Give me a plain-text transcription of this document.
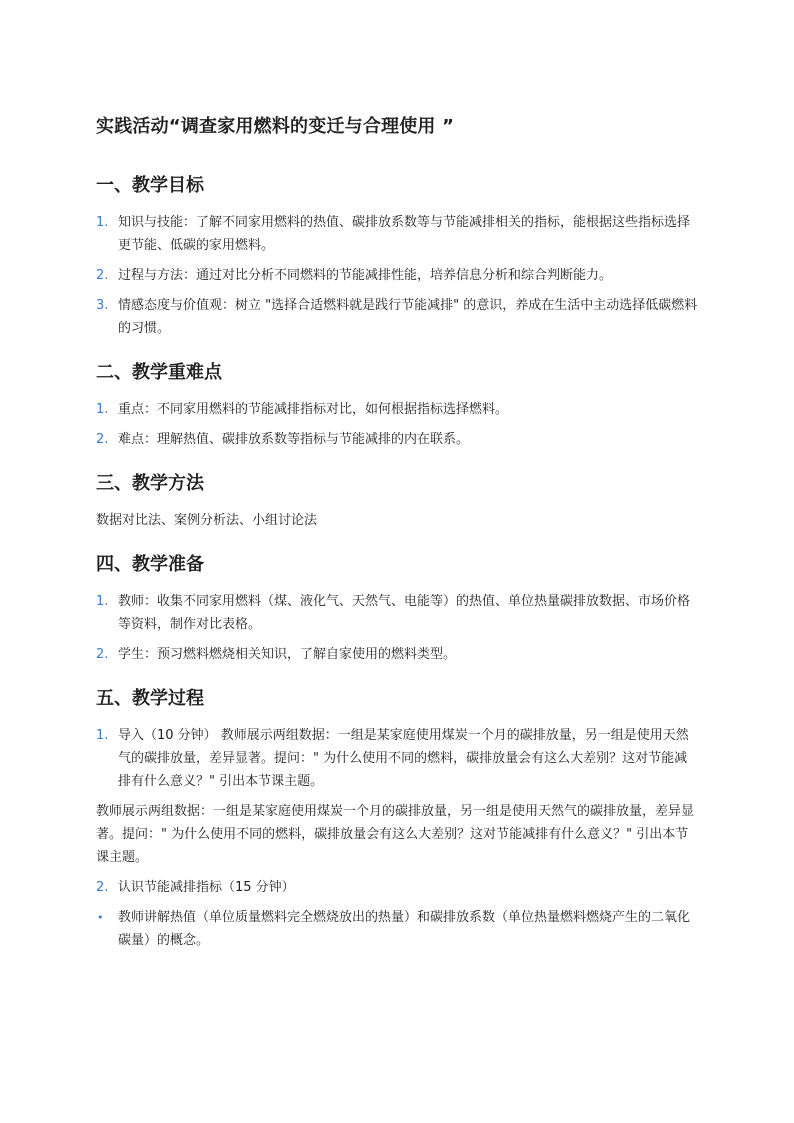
实践活动“调查家用燃料的变迁与合理使用 ”
一、教学目标
1. 知识与技能：了解不同家用燃料的热值、碳排放系数等与节能减排相关的指标，能根据这些指标选择更节能、低碳的家用燃料。
2. 过程与方法：通过对比分析不同燃料的节能减排性能，培养信息分析和综合判断能力。
3. 情感态度与价值观：树立 "选择合适燃料就是践行节能减排" 的意识，养成在生活中主动选择低碳燃料的习惯。
二、教学重难点
1. 重点：不同家用燃料的节能减排指标对比，如何根据指标选择燃料。
2. 难点：理解热值、碳排放系数等指标与节能减排的内在联系。
三、教学方法

数据对比法、案例分析法、小组讨论法

四、教学准备
1. 教师：收集不同家用燃料（煤、液化气、天然气、电能等）的热值、单位热量碳排放数据、市场价格等资料，制作对比表格。
2. 学生：预习燃料燃烧相关知识，了解自家使用的燃料类型。
五、教学过程
1. 导入（10 分钟） 教师展示两组数据：一组是某家庭使用煤炭一个月的碳排放量，另一组是使用天然气的碳排放量，差异显著。提问：" 为什么使用不同的燃料，碳排放量会有这么大差别？这对节能减排有什么意义？" 引出本节课主题。

教师展示两组数据：一组是某家庭使用煤炭一个月的碳排放量，另一组是使用天然气的碳排放量，差异显著。提问：" 为什么使用不同的燃料，碳排放量会有这么大差别？这对节能减排有什么意义？" 引出本节课主题。

2. 认识节能减排指标（15 分钟）
• 教师讲解热值（单位质量燃料完全燃烧放出的热量）和碳排放系数（单位热量燃料燃烧产生的二氧化碳量）的概念。
